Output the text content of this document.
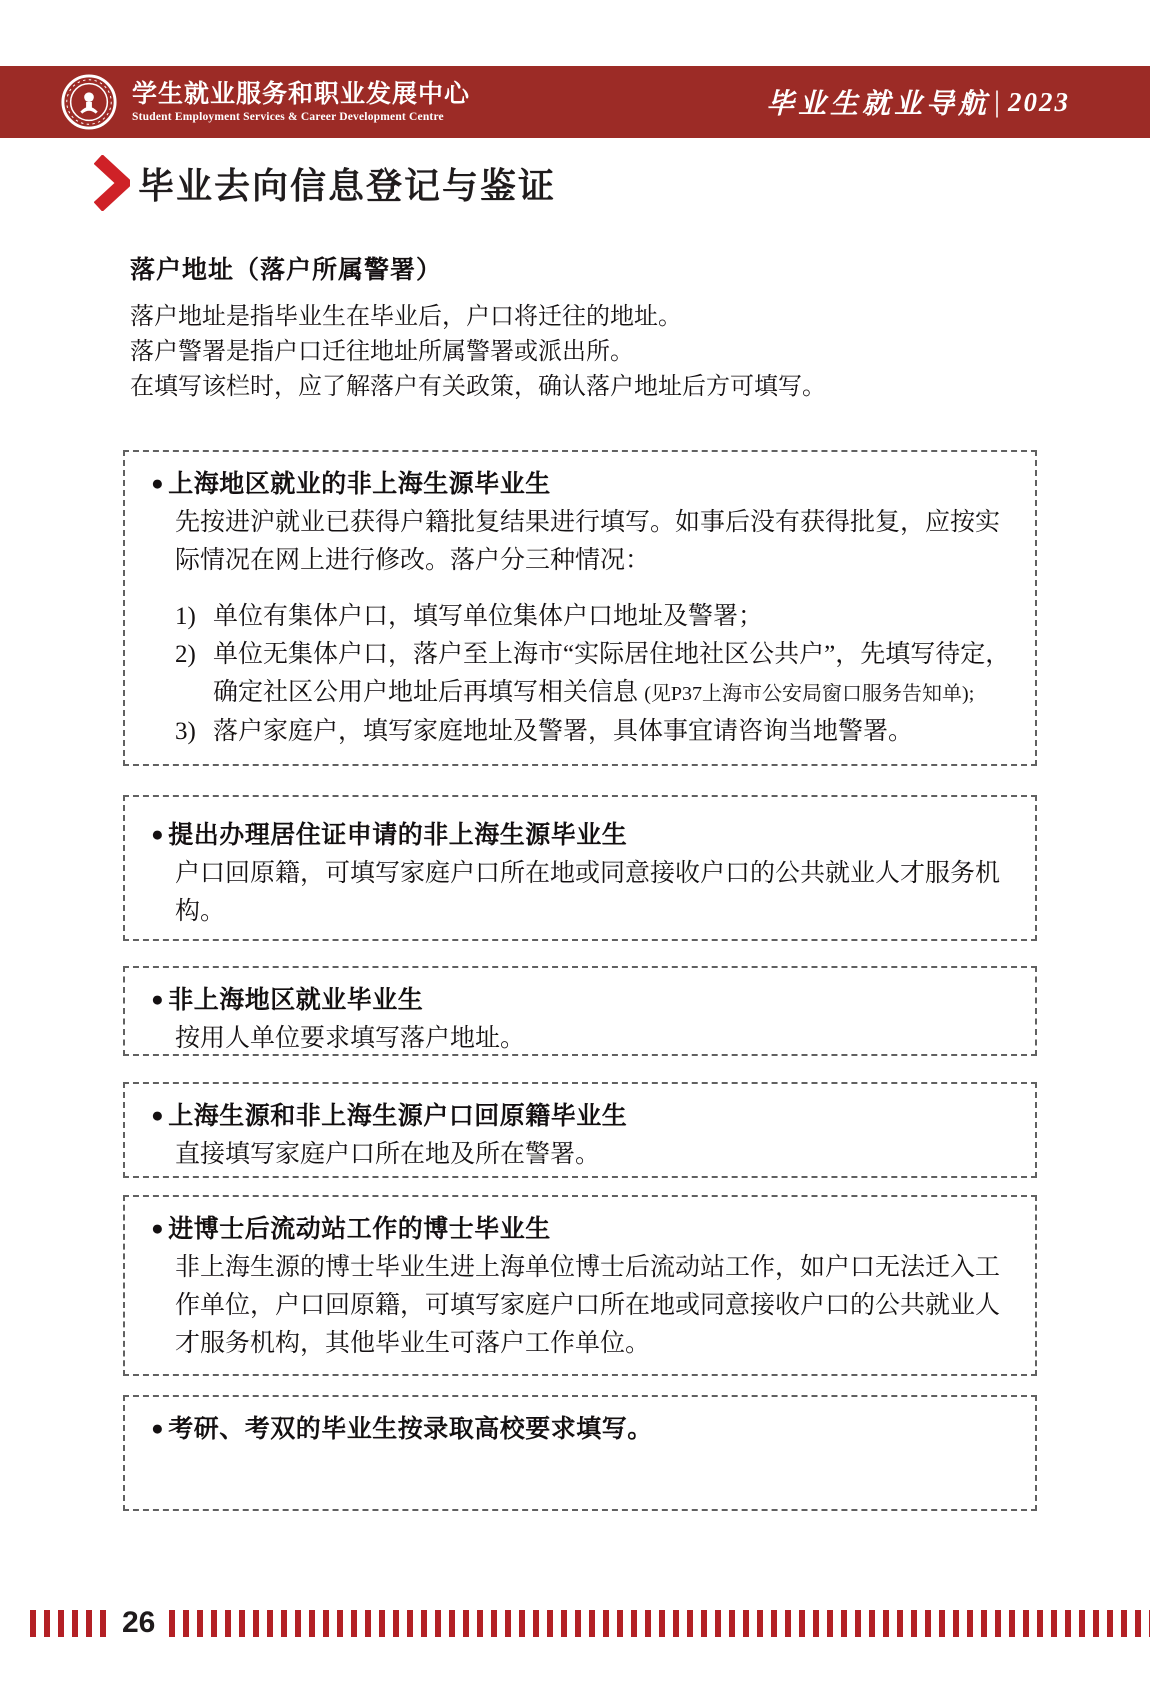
学生就业服务和职业发展中心
Student Employment Services & Career Development Centre	毕业生就业导航 | 2023
毕业去向信息登记与鉴证
落户地址（落户所属警署）

落户地址是指毕业生在毕业后，户口将迁往的地址。

落户警署是指户口迁往地址所属警署或派出所。

在填写该栏时，应了解落户有关政策，确认落户地址后方可填写。

● 上海地区就业的非上海生源毕业生

先按进沪就业已获得户籍批复结果进行填写。如事后没有获得批复，应按实际情况在网上进行修改。落户分三种情况：

1) 单位有集体户口，填写单位集体户口地址及警署；
2) 单位无集体户口，落户至上海市“实际居住地社区公共户”，先填写待定，确定社区公用户地址后再填写相关信息 (见P37上海市公安局窗口服务告知单);
3) 落户家庭户，填写家庭地址及警署，具体事宜请咨询当地警署。
● 提出办理居住证申请的非上海生源毕业生

户口回原籍，可填写家庭户口所在地或同意接收户口的公共就业人才服务机构。

● 非上海地区就业毕业生

按用人单位要求填写落户地址。

● 上海生源和非上海生源户口回原籍毕业生

直接填写家庭户口所在地及所在警署。

● 进博士后流动站工作的博士毕业生

非上海生源的博士毕业生进上海单位博士后流动站工作，如户口无法迁入工作单位，户口回原籍，可填写家庭户口所在地或同意接收户口的公共就业人才服务机构，其他毕业生可落户工作单位。

● 考研、考双的毕业生按录取高校要求填写。
26
